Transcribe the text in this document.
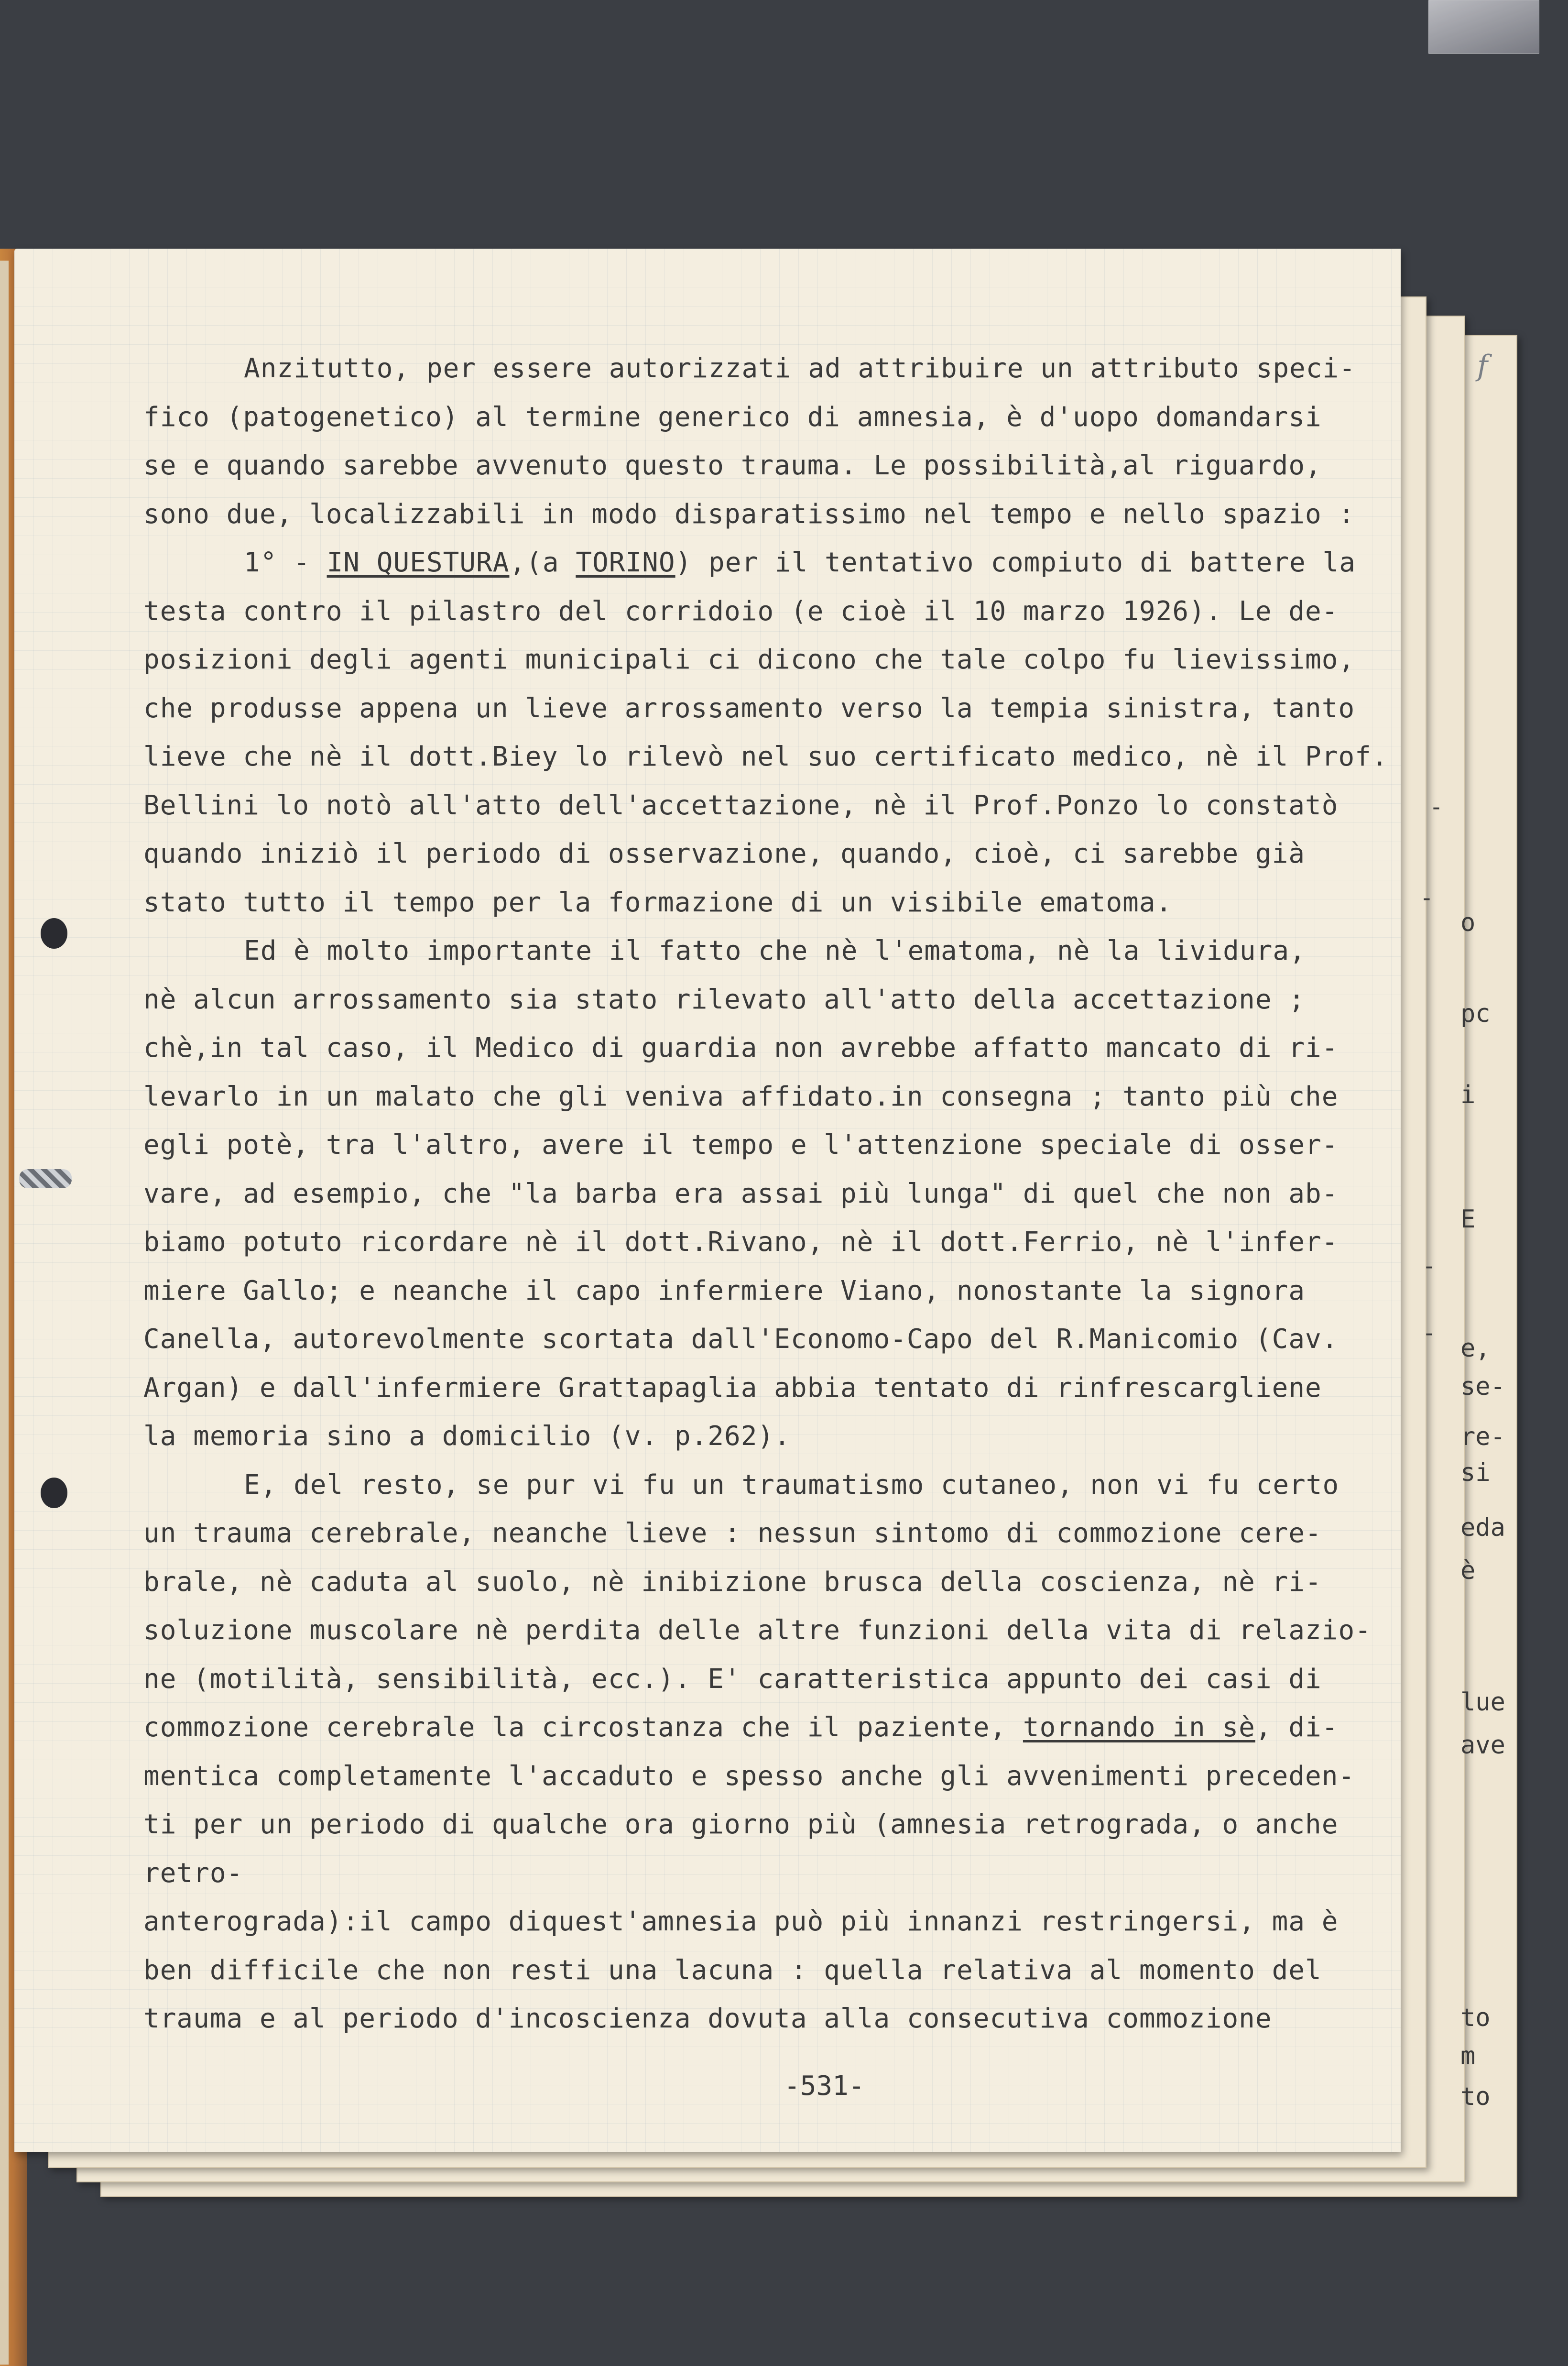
o
pc
i
E
e,
se-
re-
si
eda
è
lue
ave
to
m
to
f
-
-
-
-

Anzitutto, per essere autorizzati ad attribuire un attributo speci-

fico (patogenetico) al termine generico di amnesia, è d'uopo domandarsi

se e quando sarebbe avvenuto questo trauma. Le possibilità,al riguardo,

sono due, localizzabili in modo disparatissimo nel tempo e nello spazio :

1° - IN QUESTURA,(a TORINO) per il tentativo compiuto di battere la

testa contro il pilastro del corridoio (e cioè il 10 marzo 1926). Le de-

posizioni degli agenti municipali ci dicono che tale colpo fu lievissimo,

che produsse appena un lieve arrossamento verso la tempia sinistra, tanto

lieve che nè il dott.Biey lo rilevò nel suo certificato medico, nè il Prof.

Bellini lo notò all'atto dell'accettazione, nè il Prof.Ponzo lo constatò

quando iniziò il periodo di osservazione, quando, cioè, ci sarebbe già

stato tutto il tempo per la formazione di un visibile ematoma.

Ed è molto importante il fatto che nè l'ematoma, nè la lividura,

nè alcun arrossamento sia stato rilevato all'atto della accettazione ;

chè,in tal caso, il Medico di guardia non avrebbe affatto mancato di ri-

levarlo in un malato che gli veniva affidato.in consegna ; tanto più che

egli potè, tra l'altro, avere il tempo e l'attenzione speciale di osser-

vare, ad esempio, che "la barba era assai più lunga" di quel che non ab-

biamo potuto ricordare nè il dott.Rivano, nè il dott.Ferrio, nè l'infer-

miere Gallo; e neanche il capo infermiere Viano, nonostante la signora

Canella, autorevolmente scortata dall'Economo-Capo del R.Manicomio (Cav.

Argan) e dall'infermiere Grattapaglia abbia tentato di rinfrescargliene

la memoria sino a domicilio (v. p.262).

E, del resto, se pur vi fu un traumatismo cutaneo, non vi fu certo

un trauma cerebrale, neanche lieve : nessun sintomo di commozione cere-

brale, nè caduta al suolo, nè inibizione brusca della coscienza, nè ri-

soluzione muscolare nè perdita delle altre funzioni della vita di relazio-

ne (motilità, sensibilità, ecc.). E' caratteristica appunto dei casi di

commozione cerebrale la circostanza che il paziente, tornando in sè, di-

mentica completamente l'accaduto e spesso anche gli avvenimenti preceden-

ti per un periodo di qualche ora giorno più (amnesia retrograda, o anche retro-

anterograda):il campo diquest'amnesia può più innanzi restringersi, ma è

ben difficile che non resti una lacuna : quella relativa al momento del

trauma e al periodo d'incoscienza dovuta alla consecutiva commozione

-531-
